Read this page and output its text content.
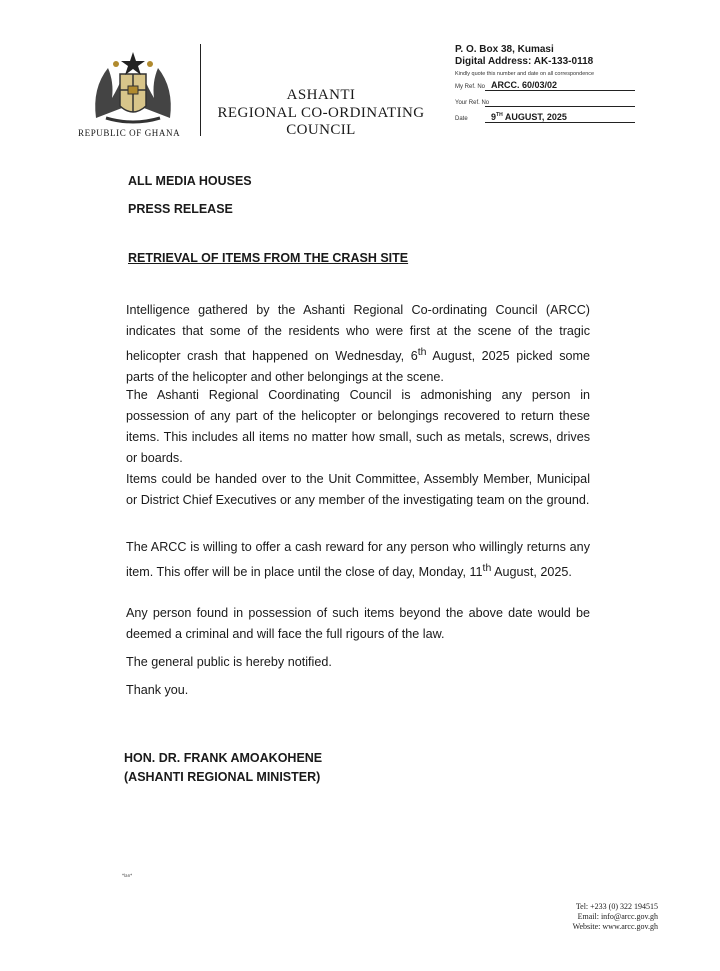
REPUBLIC OF GHANA
ASHANTI
REGIONAL CO-ORDINATING
COUNCIL
P. O. Box 38, Kumasi
Digital Address: AK-133-0118
Kindly quote this number and date on all correspondence
My Ref. No ARCC. 60/03/02
Your Ref. No
Date	9TH AUGUST, 2025
ALL MEDIA HOUSES
PRESS RELEASE
RETRIEVAL OF ITEMS FROM THE CRASH SITE
Intelligence gathered by the Ashanti Regional Co-ordinating Council (ARCC) indicates that some of the residents who were first at the scene of the tragic helicopter crash that happened on Wednesday, 6th August, 2025 picked some parts of the helicopter and other belongings at the scene.
The Ashanti Regional Coordinating Council is admonishing any person in possession of any part of the helicopter or belongings recovered to return these items. This includes all items no matter how small, such as metals, screws, drives or boards.
Items could be handed over to the Unit Committee, Assembly Member, Municipal or District Chief Executives or any member of the investigating team on the ground.
The ARCC is willing to offer a cash reward for any person who willingly returns any item. This offer will be in place until the close of day, Monday, 11th August, 2025.
Any person found in possession of such items beyond the above date would be deemed a criminal and will face the full rigours of the law.
The general public is hereby notified.
Thank you.
HON. DR. FRANK AMOAKOHENE
(ASHANTI REGIONAL MINISTER)
*lan*
Tel: +233 (0) 322 194515
Email: info@arcc.gov.gh
Website: www.arcc.gov.gh
